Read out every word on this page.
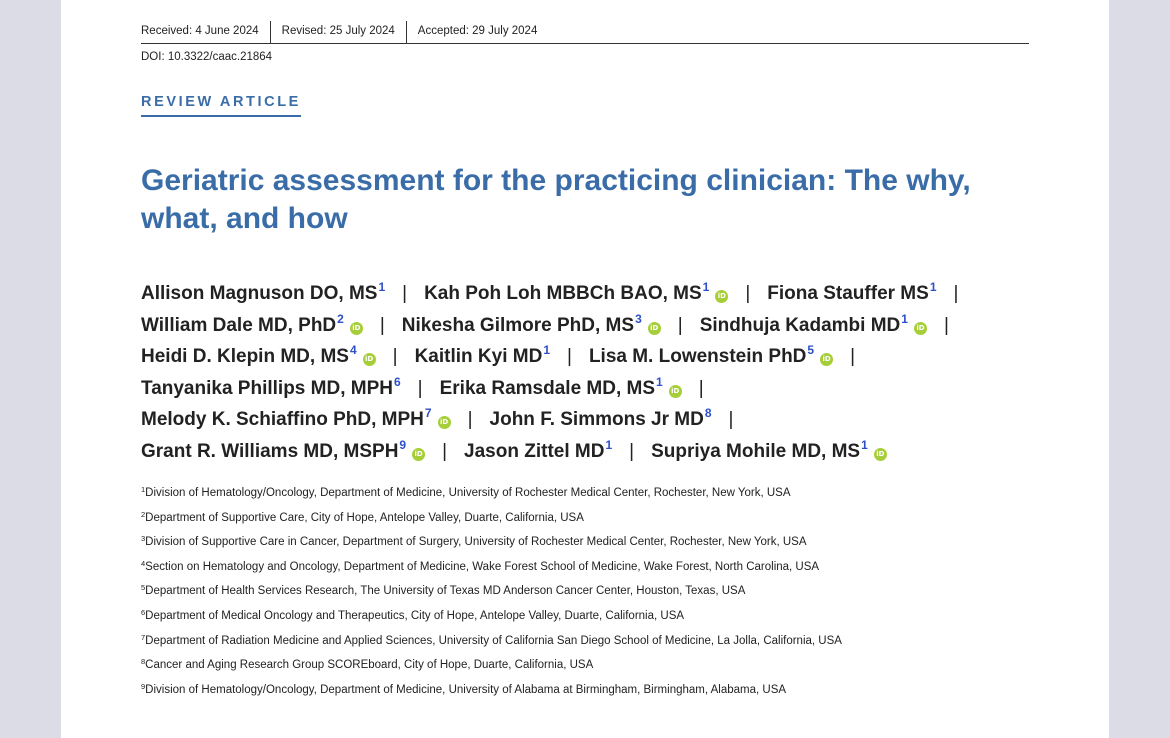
Received: 4 June 2024	Revised: 25 July 2024	Accepted: 29 July 2024
DOI: 10.3322/caac.21864
REVIEW ARTICLE
Geriatric assessment for the practicing clinician: The why, what, and how
Allison Magnuson DO, $MS^1$ | Kah Poh Loh MBBCh BAO, $MS^1iD$ | Fiona Stauffer $MS^1$ |
William Dale MD, PhD$^2$iD | Nikesha Gilmore PhD, $MS^3iD$ | Sindhuja Kadambi $MD^1iD$ |
Heidi D. Klepin MD, $MS^4iD$ | Kaitlin Kyi $MD^1$ | Lisa M. Lowenstein PhD$^5$iD |
Tanyanika Phillips MD, MPH$^6$ | Erika Ramsdale MD, $MS^1iD$ |
Melody K. Schiaffino PhD, MPH$^7$iD | John F. Simmons Jr $MD^8$ |
Grant R. Williams MD, MSPH$^9$iD | Jason Zittel $MD^1$ | Supriya Mohile MD, $MS^1iD$
$^1$Division of Hematology/Oncology, Department of Medicine, University of Rochester Medical Center, Rochester, New York, USA
$^2$Department of Supportive Care, City of Hope, Antelope Valley, Duarte, California, USA
$^3$Division of Supportive Care in Cancer, Department of Surgery, University of Rochester Medical Center, Rochester, New York, USA
$^4$Section on Hematology and Oncology, Department of Medicine, Wake Forest School of Medicine, Wake Forest, North Carolina, USA
$^5$Department of Health Services Research, The University of Texas MD Anderson Cancer Center, Houston, Texas, USA
$^6$Department of Medical Oncology and Therapeutics, City of Hope, Antelope Valley, Duarte, California, USA
$^7$Department of Radiation Medicine and Applied Sciences, University of California San Diego School of Medicine, La Jolla, California, USA
$^8$Cancer and Aging Research Group SCOREboard, City of Hope, Duarte, California, USA
$^9$Division of Hematology/Oncology, Department of Medicine, University of Alabama at Birmingham, Birmingham, Alabama, USA
